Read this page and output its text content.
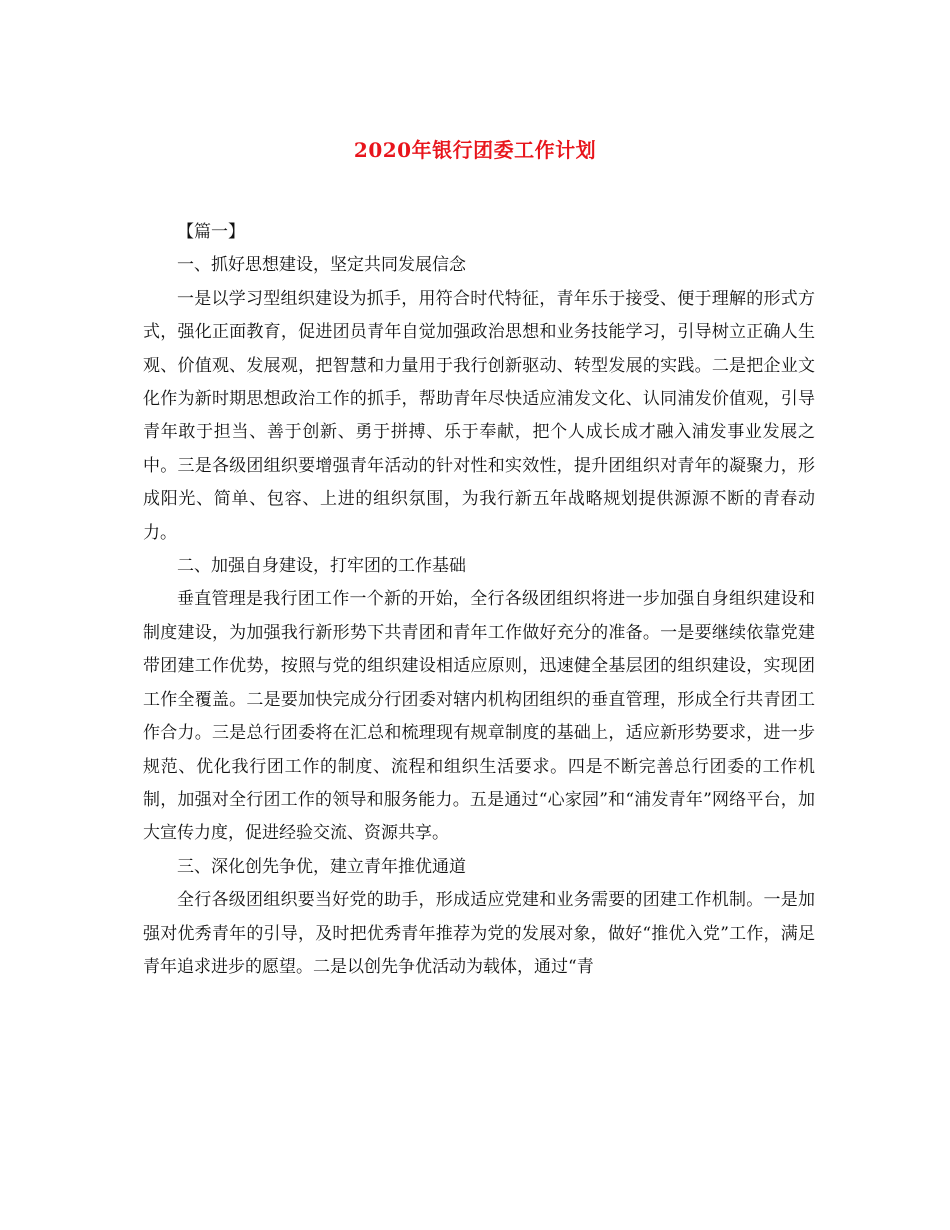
2020年银行团委工作计划

【篇一】

一、抓好思想建设，坚定共同发展信念

一是以学习型组织建设为抓手，用符合时代特征，青年乐于接受、便于理解的形式方式，强化正面教育，促进团员青年自觉加强政治思想和业务技能学习，引导树立正确人生观、价值观、发展观，把智慧和力量用于我行创新驱动、转型发展的实践。二是把企业文化作为新时期思想政治工作的抓手，帮助青年尽快适应浦发文化、认同浦发价值观，引导青年敢于担当、善于创新、勇于拼搏、乐于奉献，把个人成长成才融入浦发事业发展之中。三是各级团组织要增强青年活动的针对性和实效性，提升团组织对青年的凝聚力，形成阳光、简单、包容、上进的组织氛围，为我行新五年战略规划提供源源不断的青春动力。

二、加强自身建设，打牢团的工作基础

垂直管理是我行团工作一个新的开始，全行各级团组织将进一步加强自身组织建设和制度建设，为加强我行新形势下共青团和青年工作做好充分的准备。一是要继续依靠党建带团建工作优势，按照与党的组织建设相适应原则，迅速健全基层团的组织建设，实现团工作全覆盖。二是要加快完成分行团委对辖内机构团组织的垂直管理，形成全行共青团工作合力。三是总行团委将在汇总和梳理现有规章制度的基础上，适应新形势要求，进一步规范、优化我行团工作的制度、流程和组织生活要求。四是不断完善总行团委的工作机制，加强对全行团工作的领导和服务能力。五是通过“心家园”和“浦发青年”网络平台，加大宣传力度，促进经验交流、资源共享。

三、深化创先争优，建立青年推优通道

全行各级团组织要当好党的助手，形成适应党建和业务需要的团建工作机制。一是加强对优秀青年的引导，及时把优秀青年推荐为党的发展对象，做好“推优入党”工作，满足青年追求进步的愿望。二是以创先争优活动为载体，通过“青
